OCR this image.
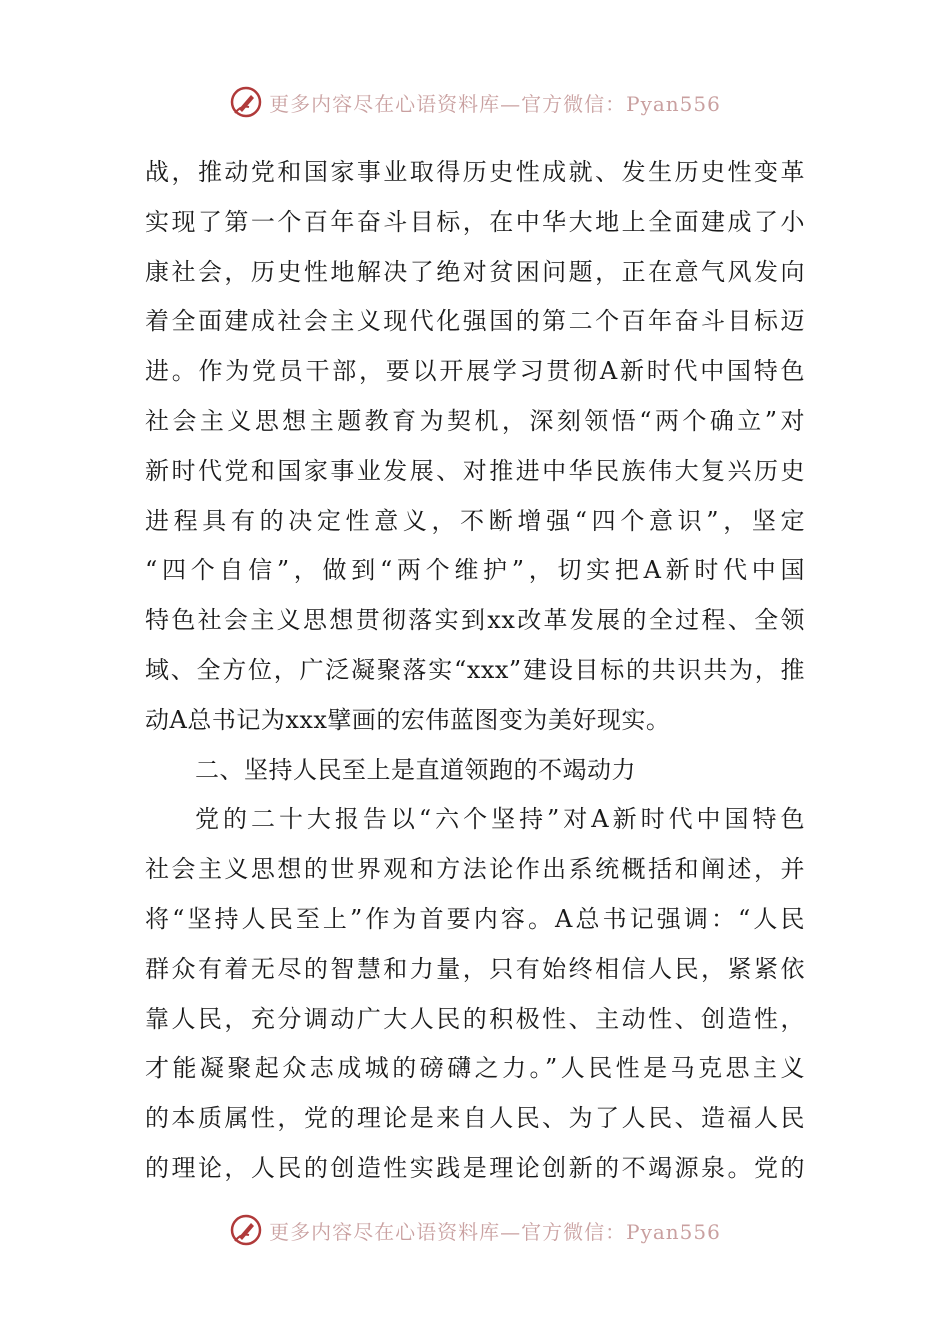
更多内容尽在心语资料库—官方微信：Pyan556
战，推动党和国家事业取得历史性成就、发生历史性变革
实现了第一个百年奋斗目标，在中华大地上全面建成了小
康社会，历史性地解决了绝对贫困问题，正在意气风发向
着全面建成社会主义现代化强国的第二个百年奋斗目标迈
进。作为党员干部，要以开展学习贯彻A新时代中国特色
社会主义思想主题教育为契机，深刻领悟“两个确立”对
新时代党和国家事业发展、对推进中华民族伟大复兴历史
进程具有的决定性意义，不断增强“四个意识”，坚定
“四个自信”，做到“两个维护”，切实把A新时代中国
特色社会主义思想贯彻落实到xx改革发展的全过程、全领
域、全方位，广泛凝聚落实“xxx”建设目标的共识共为，推
动A总书记为xxx擘画的宏伟蓝图变为美好现实。
二、坚持人民至上是直道领跑的不竭动力
党的二十大报告以“六个坚持”对A新时代中国特色
社会主义思想的世界观和方法论作出系统概括和阐述，并
将“坚持人民至上”作为首要内容。A总书记强调：“人民
群众有着无尽的智慧和力量，只有始终相信人民，紧紧依
靠人民，充分调动广大人民的积极性、主动性、创造性，
才能凝聚起众志成城的磅礴之力。”人民性是马克思主义
的本质属性，党的理论是来自人民、为了人民、造福人民
的理论，人民的创造性实践是理论创新的不竭源泉。党的
更多内容尽在心语资料库—官方微信：Pyan556
